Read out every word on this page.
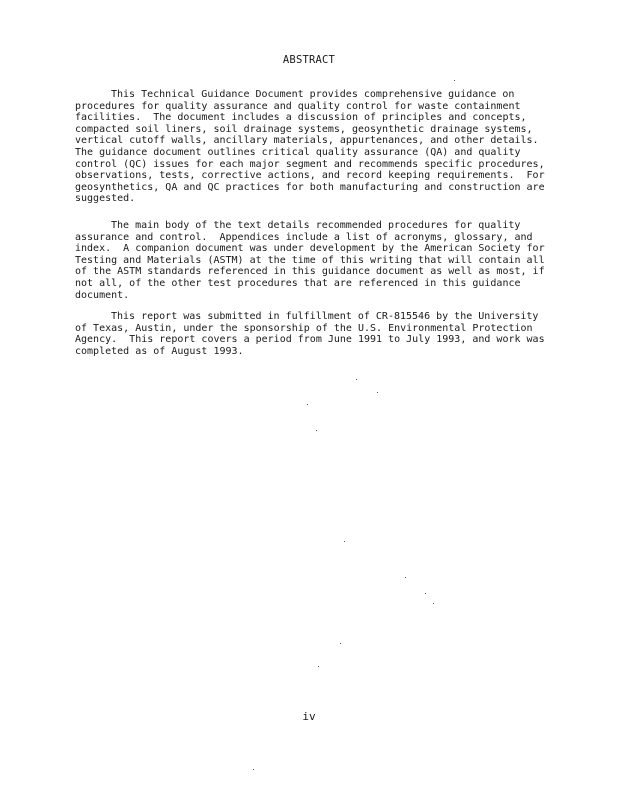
ABSTRACT
This Technical Guidance Document provides comprehensive guidance on
procedures for quality assurance and quality control for waste containment
facilities.  The document includes a discussion of principles and concepts,
compacted soil liners, soil drainage systems, geosynthetic drainage systems,
vertical cutoff walls, ancillary materials, appurtenances, and other details.
The guidance document outlines critical quality assurance (QA) and quality
control (QC) issues for each major segment and recommends specific procedures,
observations, tests, corrective actions, and record keeping requirements.  For
geosynthetics, QA and QC practices for both manufacturing and construction are
suggested.
The main body of the text details recommended procedures for quality
assurance and control.  Appendices include a list of acronyms, glossary, and
index.  A companion document was under development by the American Society for
Testing and Materials (ASTM) at the time of this writing that will contain all
of the ASTM standards referenced in this guidance document as well as most, if
not all, of the other test procedures that are referenced in this guidance
document.
This report was submitted in fulfillment of CR-815546 by the University
of Texas, Austin, under the sponsorship of the U.S. Environmental Protection
Agency.  This report covers a period from June 1991 to July 1993, and work was
completed as of August 1993.
iv
